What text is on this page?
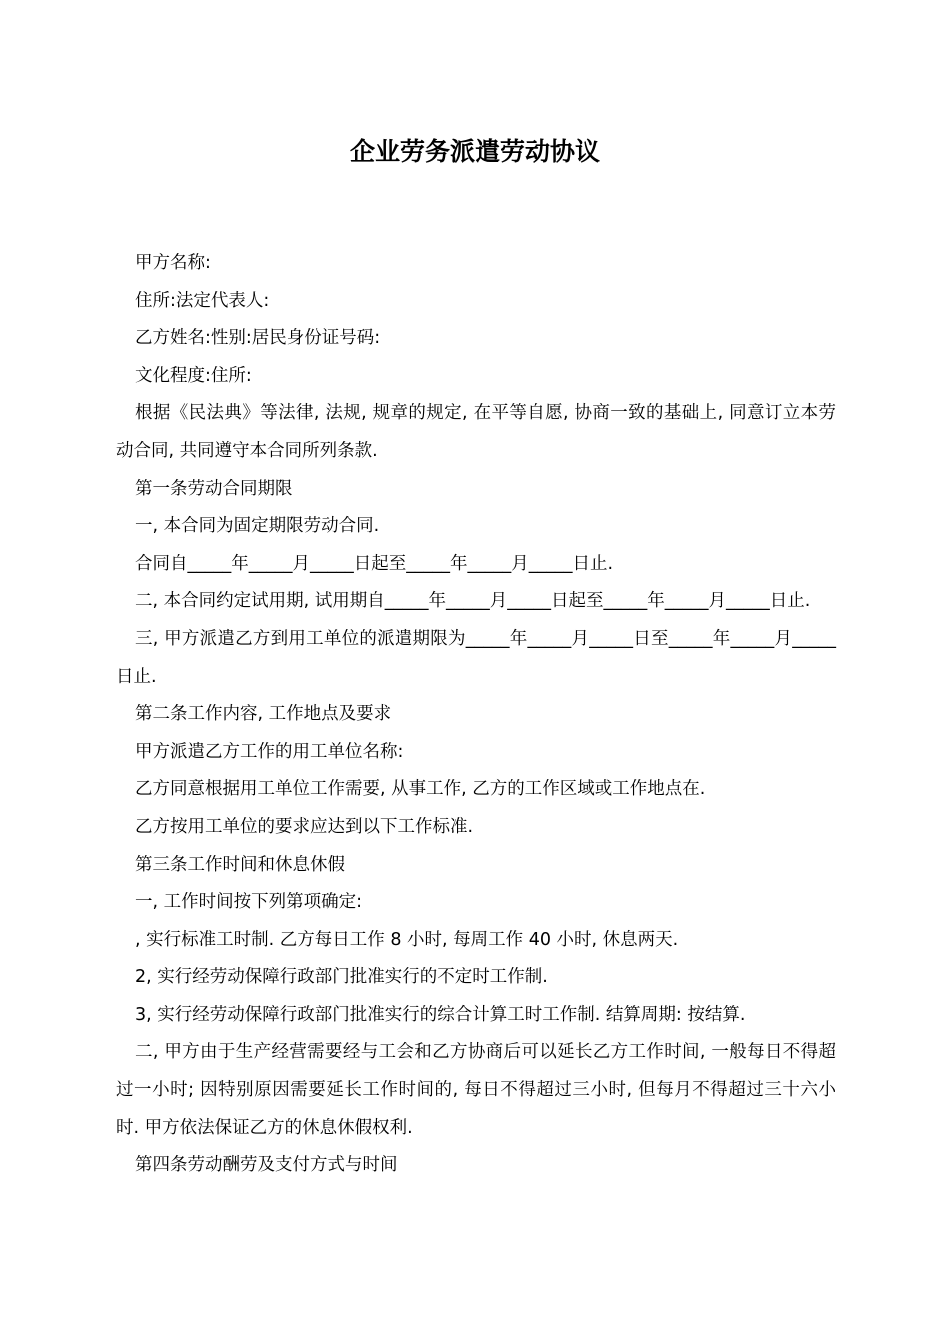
企业劳务派遣劳动协议

甲方名称:

住所:法定代表人:

乙方姓名:性别:居民身份证号码:

文化程度:住所:

根据《民法典》等法律, 法规, 规章的规定, 在平等自愿, 协商一致的基础上, 同意订立本劳动合同, 共同遵守本合同所列条款.

第一条劳动合同期限

一, 本合同为固定期限劳动合同.

合同自_____年_____月_____日起至_____年_____月_____日止.

二, 本合同约定试用期, 试用期自_____年_____月_____日起至_____年_____月_____日止.

三, 甲方派遣乙方到用工单位的派遣期限为_____年_____月_____日至_____年_____月_____日止.

第二条工作内容, 工作地点及要求

甲方派遣乙方工作的用工单位名称:

乙方同意根据用工单位工作需要, 从事工作, 乙方的工作区域或工作地点在.

乙方按用工单位的要求应达到以下工作标准.

第三条工作时间和休息休假

一, 工作时间按下列第项确定:

, 实行标准工时制. 乙方每日工作 8 小时, 每周工作 40 小时, 休息两天.

2, 实行经劳动保障行政部门批准实行的不定时工作制.

3, 实行经劳动保障行政部门批准实行的综合计算工时工作制. 结算周期: 按结算.

二, 甲方由于生产经营需要经与工会和乙方协商后可以延长乙方工作时间, 一般每日不得超过一小时; 因特别原因需要延长工作时间的, 每日不得超过三小时, 但每月不得超过三十六小时. 甲方依法保证乙方的休息休假权利.

第四条劳动酬劳及支付方式与时间
